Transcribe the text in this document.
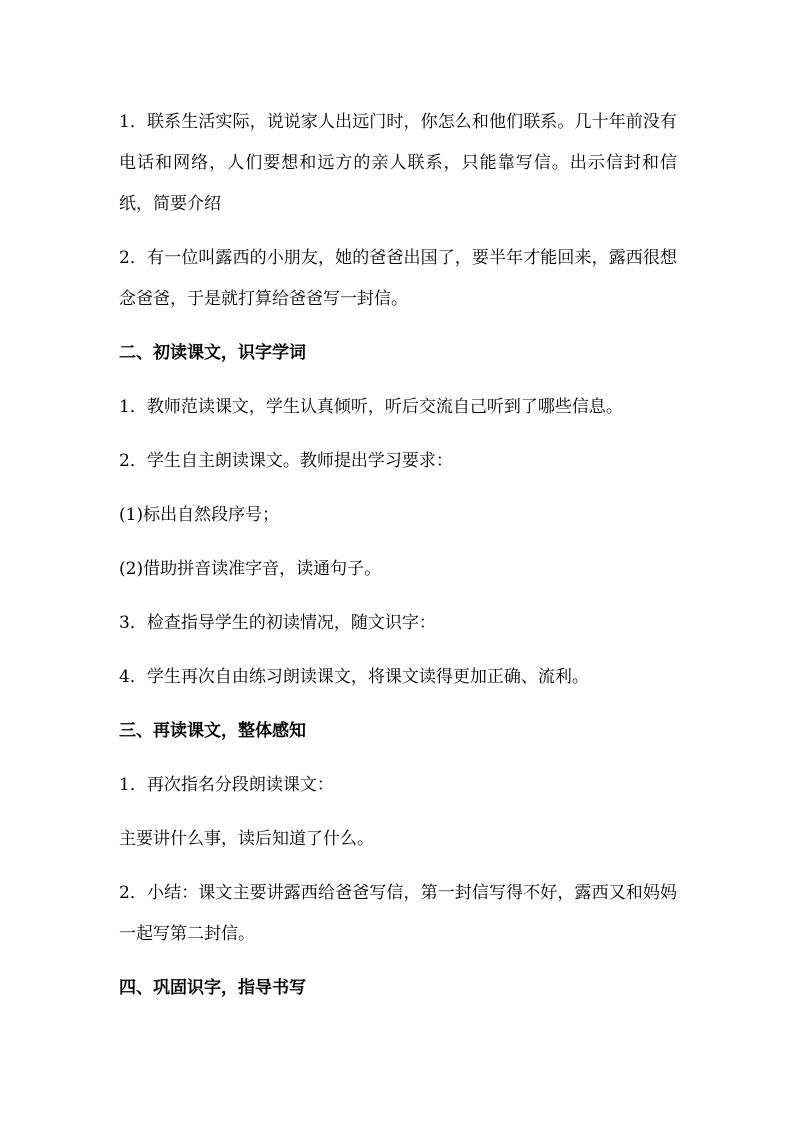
1．联系生活实际，说说家人出远门时，你怎么和他们联系。几十年前没有电话和网络，人们要想和远方的亲人联系，只能靠写信。出示信封和信纸，简要介绍

2．有一位叫露西的小朋友，她的爸爸出国了，要半年才能回来，露西很想念爸爸，于是就打算给爸爸写一封信。

二、初读课文，识字学词

1．教师范读课文，学生认真倾听，听后交流自己听到了哪些信息。

2．学生自主朗读课文。教师提出学习要求：

(1)标出自然段序号；

(2)借助拼音读准字音，读通句子。

3．检查指导学生的初读情况，随文识字：

4．学生再次自由练习朗读课文，将课文读得更加正确、流利。

三、再读课文，整体感知

1．再次指名分段朗读课文：

主要讲什么事，读后知道了什么。

2．小结：课文主要讲露西给爸爸写信，第一封信写得不好，露西又和妈妈一起写第二封信。

四、巩固识字，指导书写
